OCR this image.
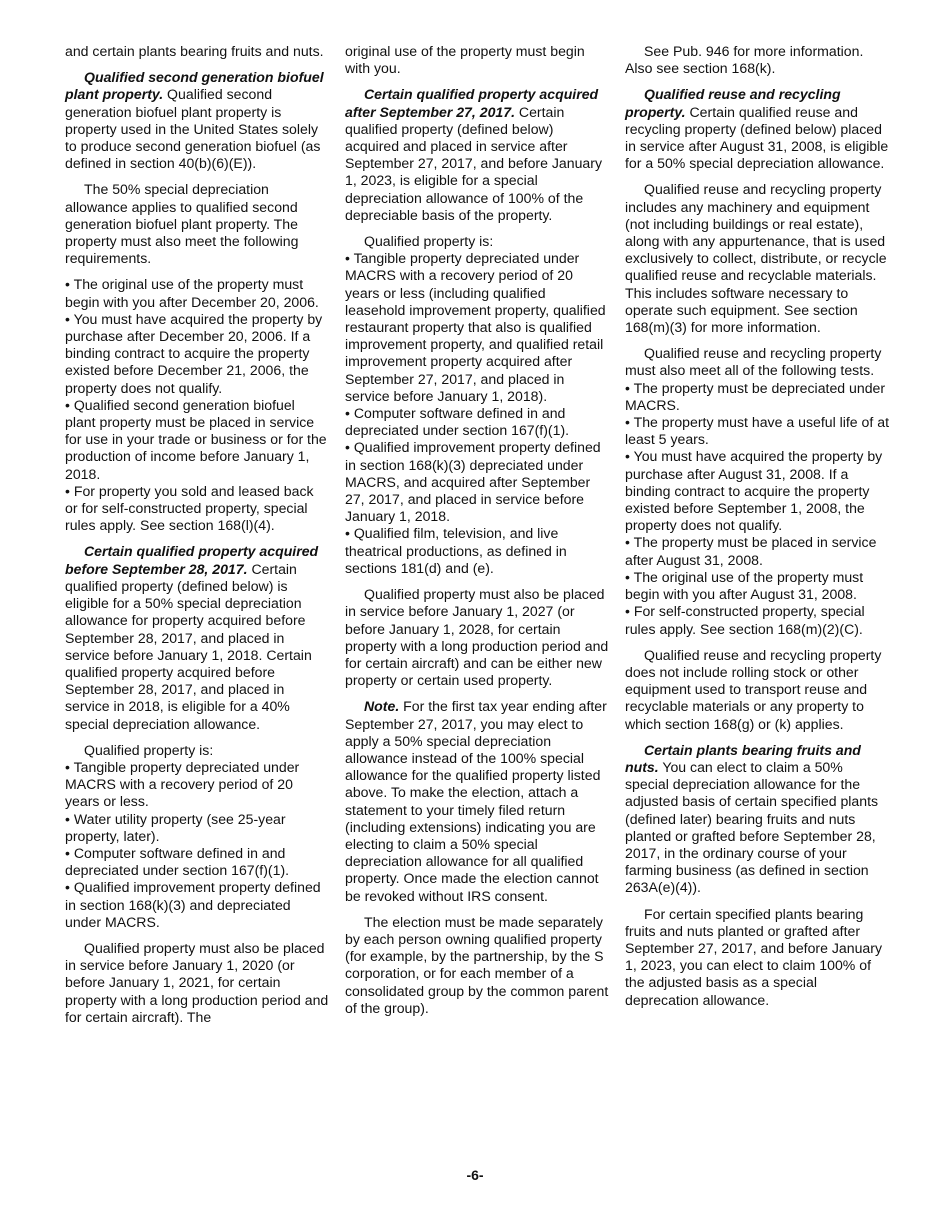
and certain plants bearing fruits and nuts.

Qualified second generation biofuel plant property. Qualified second generation biofuel plant property is property used in the United States solely to produce second generation biofuel (as defined in section 40(b)(6)(E)).

The 50% special depreciation allowance applies to qualified second generation biofuel plant property. The property must also meet the following requirements.

• The original use of the property must begin with you after December 20, 2006.
• You must have acquired the property by purchase after December 20, 2006. If a binding contract to acquire the property existed before December 21, 2006, the property does not qualify.
• Qualified second generation biofuel plant property must be placed in service for use in your trade or business or for the production of income before January 1, 2018.
• For property you sold and leased back or for self-constructed property, special rules apply. See section 168(l)(4).

Certain qualified property acquired before September 28, 2017. Certain qualified property (defined below) is eligible for a 50% special depreciation allowance for property acquired before September 28, 2017, and placed in service before January 1, 2018. Certain qualified property acquired before September 28, 2017, and placed in service in 2018, is eligible for a 40% special depreciation allowance.

Qualified property is:

• Tangible property depreciated under MACRS with a recovery period of 20 years or less.
• Water utility property (see 25-year property, later).
• Computer software defined in and depreciated under section 167(f)(1).
• Qualified improvement property defined in section 168(k)(3) and depreciated under MACRS.

Qualified property must also be placed in service before January 1, 2020 (or before January 1, 2021, for certain property with a long production period and for certain aircraft). The

original use of the property must begin with you.

Certain qualified property acquired after September 27, 2017. Certain qualified property (defined below) acquired and placed in service after September 27, 2017, and before January 1, 2023, is eligible for a special depreciation allowance of 100% of the depreciable basis of the property.

Qualified property is:

• Tangible property depreciated under MACRS with a recovery period of 20 years or less (including qualified leasehold improvement property, qualified restaurant property that also is qualified improvement property, and qualified retail improvement property acquired after September 27, 2017, and placed in service before January 1, 2018).
• Computer software defined in and depreciated under section 167(f)(1).
• Qualified improvement property defined in section 168(k)(3) depreciated under MACRS, and acquired after September 27, 2017, and placed in service before January 1, 2018.
• Qualified film, television, and live theatrical productions, as defined in sections 181(d) and (e).

Qualified property must also be placed in service before January 1, 2027 (or before January 1, 2028, for certain property with a long production period and for certain aircraft) and can be either new property or certain used property.

Note. For the first tax year ending after September 27, 2017, you may elect to apply a 50% special depreciation allowance instead of the 100% special allowance for the qualified property listed above. To make the election, attach a statement to your timely filed return (including extensions) indicating you are electing to claim a 50% special depreciation allowance for all qualified property. Once made the election cannot be revoked without IRS consent.

The election must be made separately by each person owning qualified property (for example, by the partnership, by the S corporation, or for each member of a consolidated group by the common parent of the group).

See Pub. 946 for more information. Also see section 168(k).

Qualified reuse and recycling property. Certain qualified reuse and recycling property (defined below) placed in service after August 31, 2008, is eligible for a 50% special depreciation allowance.

Qualified reuse and recycling property includes any machinery and equipment (not including buildings or real estate), along with any appurtenance, that is used exclusively to collect, distribute, or recycle qualified reuse and recyclable materials. This includes software necessary to operate such equipment. See section 168(m)(3) for more information.

Qualified reuse and recycling property must also meet all of the following tests.

• The property must be depreciated under MACRS.
• The property must have a useful life of at least 5 years.
• You must have acquired the property by purchase after August 31, 2008. If a binding contract to acquire the property existed before September 1, 2008, the property does not qualify.
• The property must be placed in service after August 31, 2008.
• The original use of the property must begin with you after August 31, 2008.
• For self-constructed property, special rules apply. See section 168(m)(2)(C).

Qualified reuse and recycling property does not include rolling stock or other equipment used to transport reuse and recyclable materials or any property to which section 168(g) or (k) applies.

Certain plants bearing fruits and nuts. You can elect to claim a 50% special depreciation allowance for the adjusted basis of certain specified plants (defined later) bearing fruits and nuts planted or grafted before September 28, 2017, in the ordinary course of your farming business (as defined in section 263A(e)(4)).

For certain specified plants bearing fruits and nuts planted or grafted after September 27, 2017, and before January 1, 2023, you can elect to claim 100% of the adjusted basis as a special deprecation allowance.

-6-
